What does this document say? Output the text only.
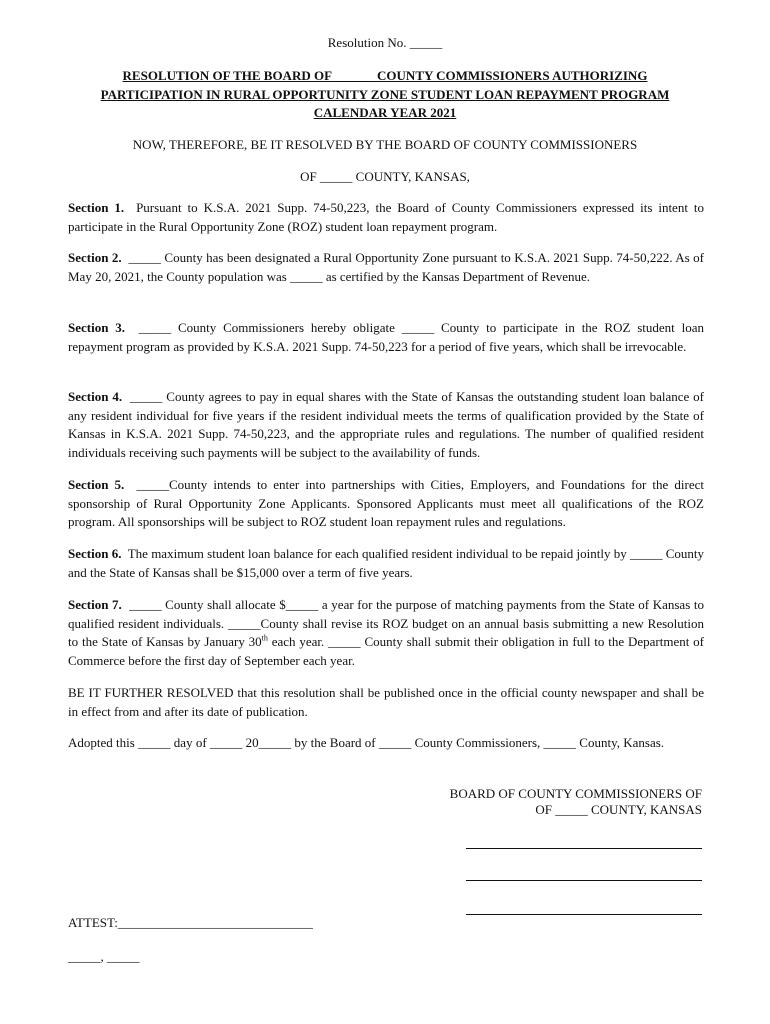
Resolution No. _____
RESOLUTION OF THE BOARD OF ______ COUNTY COMMISSIONERS AUTHORIZING
PARTICIPATION IN RURAL OPPORTUNITY ZONE STUDENT LOAN REPAYMENT PROGRAM
CALENDAR YEAR 2021
NOW, THEREFORE, BE IT RESOLVED BY THE BOARD OF COUNTY COMMISSIONERS
OF _____ COUNTY, KANSAS,
Section 1. Pursuant to K.S.A. 2021 Supp. 74-50,223, the Board of County Commissioners expressed its intent to participate in the Rural Opportunity Zone (ROZ) student loan repayment program.
Section 2. _____ County has been designated a Rural Opportunity Zone pursuant to K.S.A. 2021 Supp. 74-50,222. As of May 20, 2021, the County population was _____ as certified by the Kansas Department of Revenue.
Section 3. _____ County Commissioners hereby obligate _____ County to participate in the ROZ student loan repayment program as provided by K.S.A. 2021 Supp. 74-50,223 for a period of five years, which shall be irrevocable.
Section 4. _____ County agrees to pay in equal shares with the State of Kansas the outstanding student loan balance of any resident individual for five years if the resident individual meets the terms of qualification provided by the State of Kansas in K.S.A. 2021 Supp. 74-50,223, and the appropriate rules and regulations. The number of qualified resident individuals receiving such payments will be subject to the availability of funds.
Section 5. _____County intends to enter into partnerships with Cities, Employers, and Foundations for the direct sponsorship of Rural Opportunity Zone Applicants. Sponsored Applicants must meet all qualifications of the ROZ program. All sponsorships will be subject to ROZ student loan repayment rules and regulations.
Section 6. The maximum student loan balance for each qualified resident individual to be repaid jointly by _____ County and the State of Kansas shall be $15,000 over a term of five years.
Section 7. _____ County shall allocate $_____ a year for the purpose of matching payments from the State of Kansas to qualified resident individuals. _____County shall revise its ROZ budget on an annual basis submitting a new Resolution to the State of Kansas by January 30th each year. _____ County shall submit their obligation in full to the Department of Commerce before the first day of September each year.
BE IT FURTHER RESOLVED that this resolution shall be published once in the official county newspaper and shall be in effect from and after its date of publication.
Adopted this _____ day of _____ 20_____ by the Board of _____ County Commissioners, _____ County, Kansas.
BOARD OF COUNTY COMMISSIONERS OF
OF _____ COUNTY, KANSAS
ATTEST:______________________________
_____, _____
